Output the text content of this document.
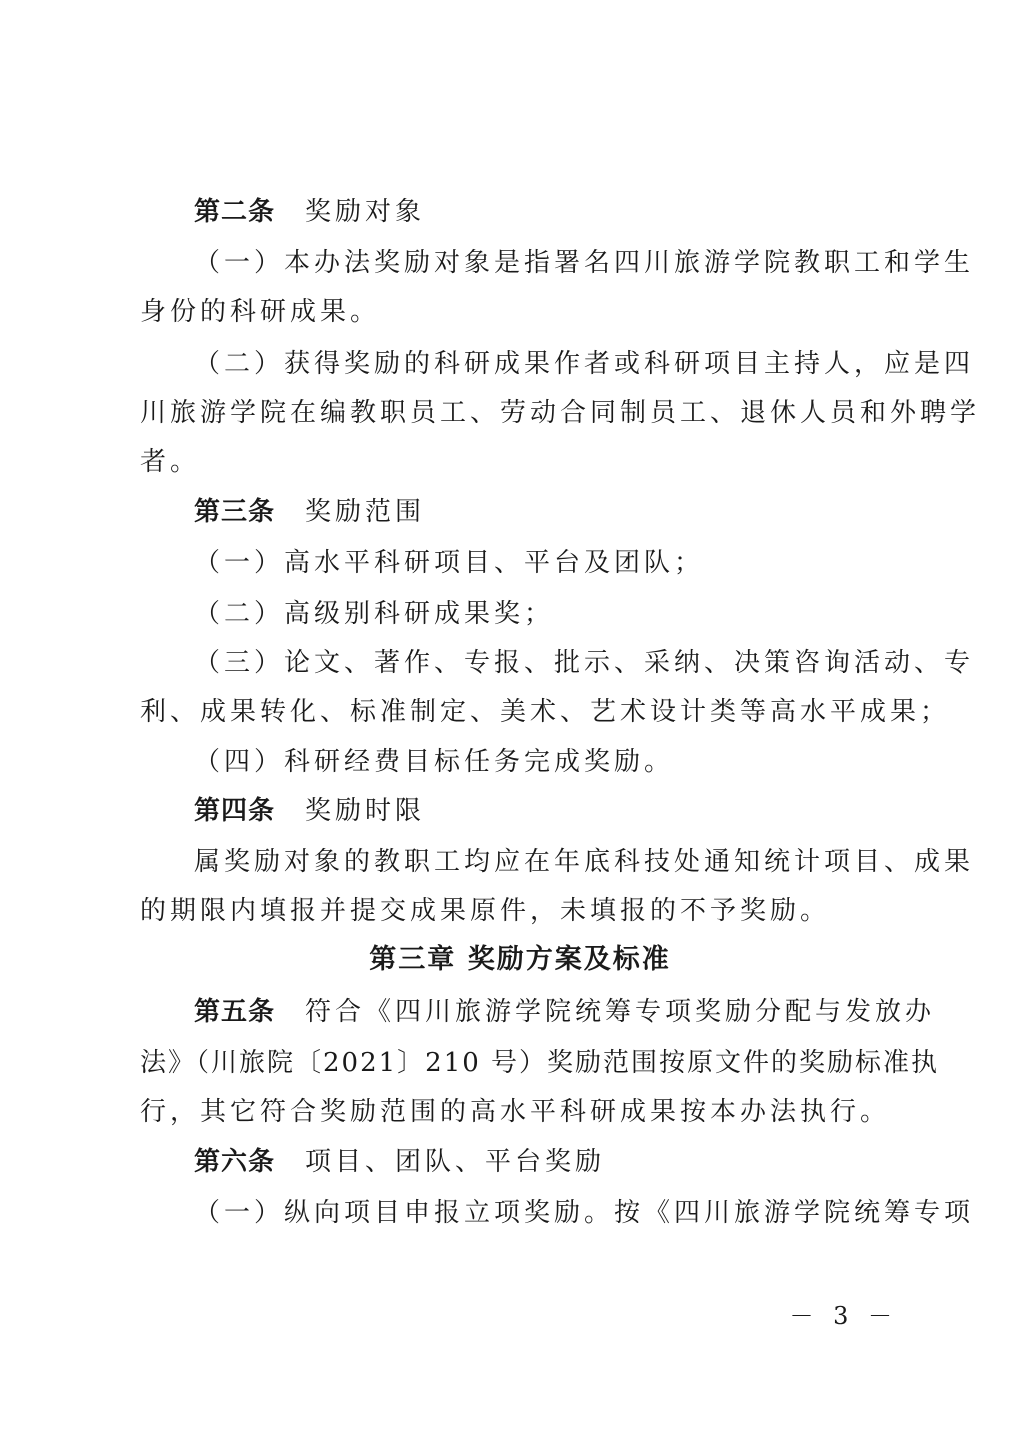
第二条 奖励对象
（一）本办法奖励对象是指署名四川旅游学院教职工和学生
身份的科研成果。
（二）获得奖励的科研成果作者或科研项目主持人，应是四
川旅游学院在编教职员工、劳动合同制员工、退休人员和外聘学
者。
第三条 奖励范围
（一）高水平科研项目、平台及团队；
（二）高级别科研成果奖；
（三）论文、著作、专报、批示、采纳、决策咨询活动、专
利、成果转化、标准制定、美术、艺术设计类等高水平成果；
（四）科研经费目标任务完成奖励。
第四条 奖励时限
属奖励对象的教职工均应在年底科技处通知统计项目、成果
的期限内填报并提交成果原件，未填报的不予奖励。
第三章 奖励方案及标准
第五条 符合《四川旅游学院统筹专项奖励分配与发放办
法》（川旅院〔2021〕210 号）奖励范围按原文件的奖励标准执
行，其它符合奖励范围的高水平科研成果按本办法执行。
第六条 项目、团队、平台奖励
（一）纵向项目申报立项奖励。按《四川旅游学院统筹专项
－ 3 －
